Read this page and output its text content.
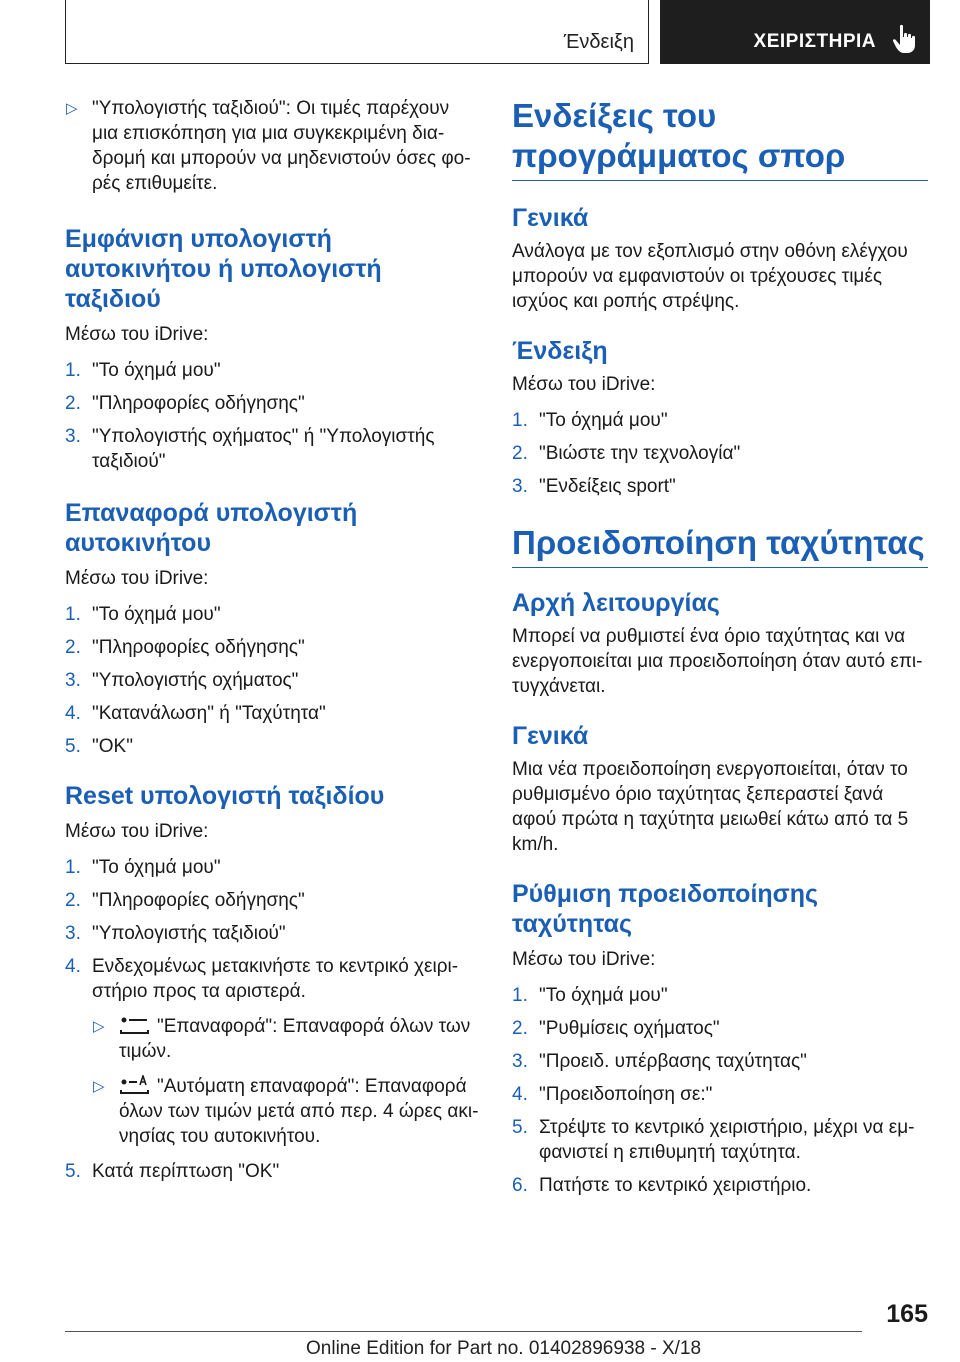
Ένδειξη	ΧΕΙΡΙΣΤΗΡΙΑ
▷ "Υπολογιστής ταξιδιού": Οι τιμές παρέχουν μια επισκόπηση για μια συγκεκριμένη διαδρομή και μπορούν να μηδενιστούν όσες φορές επιθυμείτε.
Εμφάνιση υπολογιστή αυτοκινήτου ή υπολογιστή ταξιδιού
Μέσω του iDrive:
1. "Το όχημά μου"
2. "Πληροφορίες οδήγησης"
3. "Υπολογιστής οχήματος" ή "Υπολογιστής ταξιδιού"
Επαναφορά υπολογιστή αυτοκινήτου
Μέσω του iDrive:
1. "Το όχημά μου"
2. "Πληροφορίες οδήγησης"
3. "Υπολογιστής οχήματος"
4. "Κατανάλωση" ή "Ταχύτητα"
5. "OK"
Reset υπολογιστή ταξιδίου
Μέσω του iDrive:
1. "Το όχημά μου"
2. "Πληροφορίες οδήγησης"
3. "Υπολογιστής ταξιδιού"
4. Ενδεχομένως μετακινήστε το κεντρικό χειριστήριο προς τα αριστερά.
▷	"Επαναφορά": Επαναφορά όλων των τιμών.
▷	"Αυτόματη επαναφορά": Επαναφορά όλων των τιμών μετά από περ. 4 ώρες ακινησίας του αυτοκινήτου.
5. Κατά περίπτωση "OK"
Ενδείξεις του προγράμματος σπορ
Γενικά
Ανάλογα με τον εξοπλισμό στην οθόνη ελέγχου μπορούν να εμφανιστούν οι τρέχουσες τιμές ισχύος και ροπής στρέψης.
Ένδειξη
Μέσω του iDrive:
1. "Το όχημά μου"
2. "Βιώστε την τεχνολογία"
3. "Ενδείξεις sport"
Προειδοποίηση ταχύτητας
Αρχή λειτουργίας
Μπορεί να ρυθμιστεί ένα όριο ταχύτητας και να ενεργοποιείται μια προειδοποίηση όταν αυτό επιτυγχάνεται.
Γενικά
Μια νέα προειδοποίηση ενεργοποιείται, όταν το ρυθμισμένο όριο ταχύτητας ξεπεραστεί ξανά αφού πρώτα η ταχύτητα μειωθεί κάτω από τα 5 km/h.
Ρύθμιση προειδοποίησης ταχύτητας
Μέσω του iDrive:
1. "Το όχημά μου"
2. "Ρυθμίσεις οχήματος"
3. "Προειδ. υπέρβασης ταχύτητας"
4. "Προειδοποίηση σε:"
5. Στρέψτε το κεντρικό χειριστήριο, μέχρι να εμφανιστεί η επιθυμητή ταχύτητα.
6. Πατήστε το κεντρικό χειριστήριο.
165
Online Edition for Part no. 01402896938 - X/18
